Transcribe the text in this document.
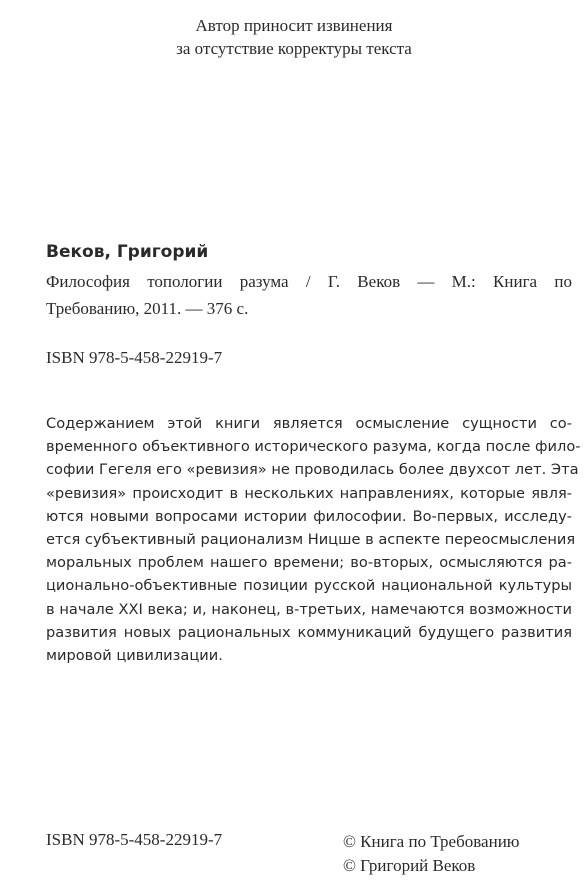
Автор приносит извинения
за отсутствие корректуры текста
Веков, Григорий
Философия топологии разума / Г. Веков — М.: Книга по
Требованию, 2011. — 376 с.
ISBN 978-5-458-22919-7
Содержанием этой книги является осмысление сущности со-
временного объективного исторического разума, когда после фило-
софии Гегеля его «ревизия» не проводилась более двухсот лет. Эта
«ревизия» происходит в нескольких направлениях, которые явля-
ются новыми вопросами истории философии. Во-первых, исследу-
ется субъективный рационализм Ницше в аспекте переосмысления
моральных проблем нашего времени; во-вторых, осмысляются ра-
ционально-объективные позиции русской национальной культуры
в начале XXI века; и, наконец, в-третьих, намечаются возможности
развития новых рациональных коммуникаций будущего развития
мировой цивилизации.
ISBN 978-5-458-22919-7	© Книга по Требованию
© Григорий Веков
